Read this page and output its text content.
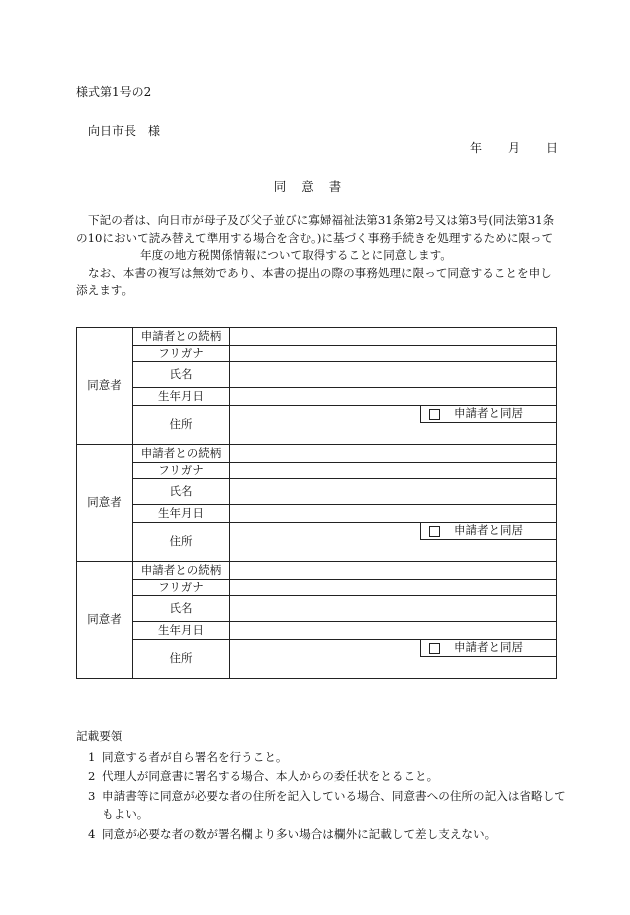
様式第1号の2
向日市長　様
年 月 日
同意書

下記の者は、向日市が母子及び父子並びに寡婦福祉法第31条第2号又は第3号(同法第31条の10において読み替えて準用する場合を含む。)に基づく事務手続きを処理するために限って年度の地方税関係情報について取得することに同意します。

なお、本書の複写は無効であり、本書の提出の際の事務処理に限って同意することを申し添えます。

同意者	申請者との続柄	
	フリガナ	
	氏名	
	生年月日	
	住所	申請者と同居

同意者	申請者との続柄	
	フリガナ	
	氏名	
	生年月日	
	住所	申請者と同居

同意者	申請者との続柄	
	フリガナ	
	氏名	
	生年月日	
	住所	申請者と同居
記載要領
1 同意する者が自ら署名を行うこと。
2 代理人が同意書に署名する場合、本人からの委任状をとること。
3 申請書等に同意が必要な者の住所を記入している場合、同意書への住所の記入は省略してもよい。
4 同意が必要な者の数が署名欄より多い場合は欄外に記載して差し支えない。
